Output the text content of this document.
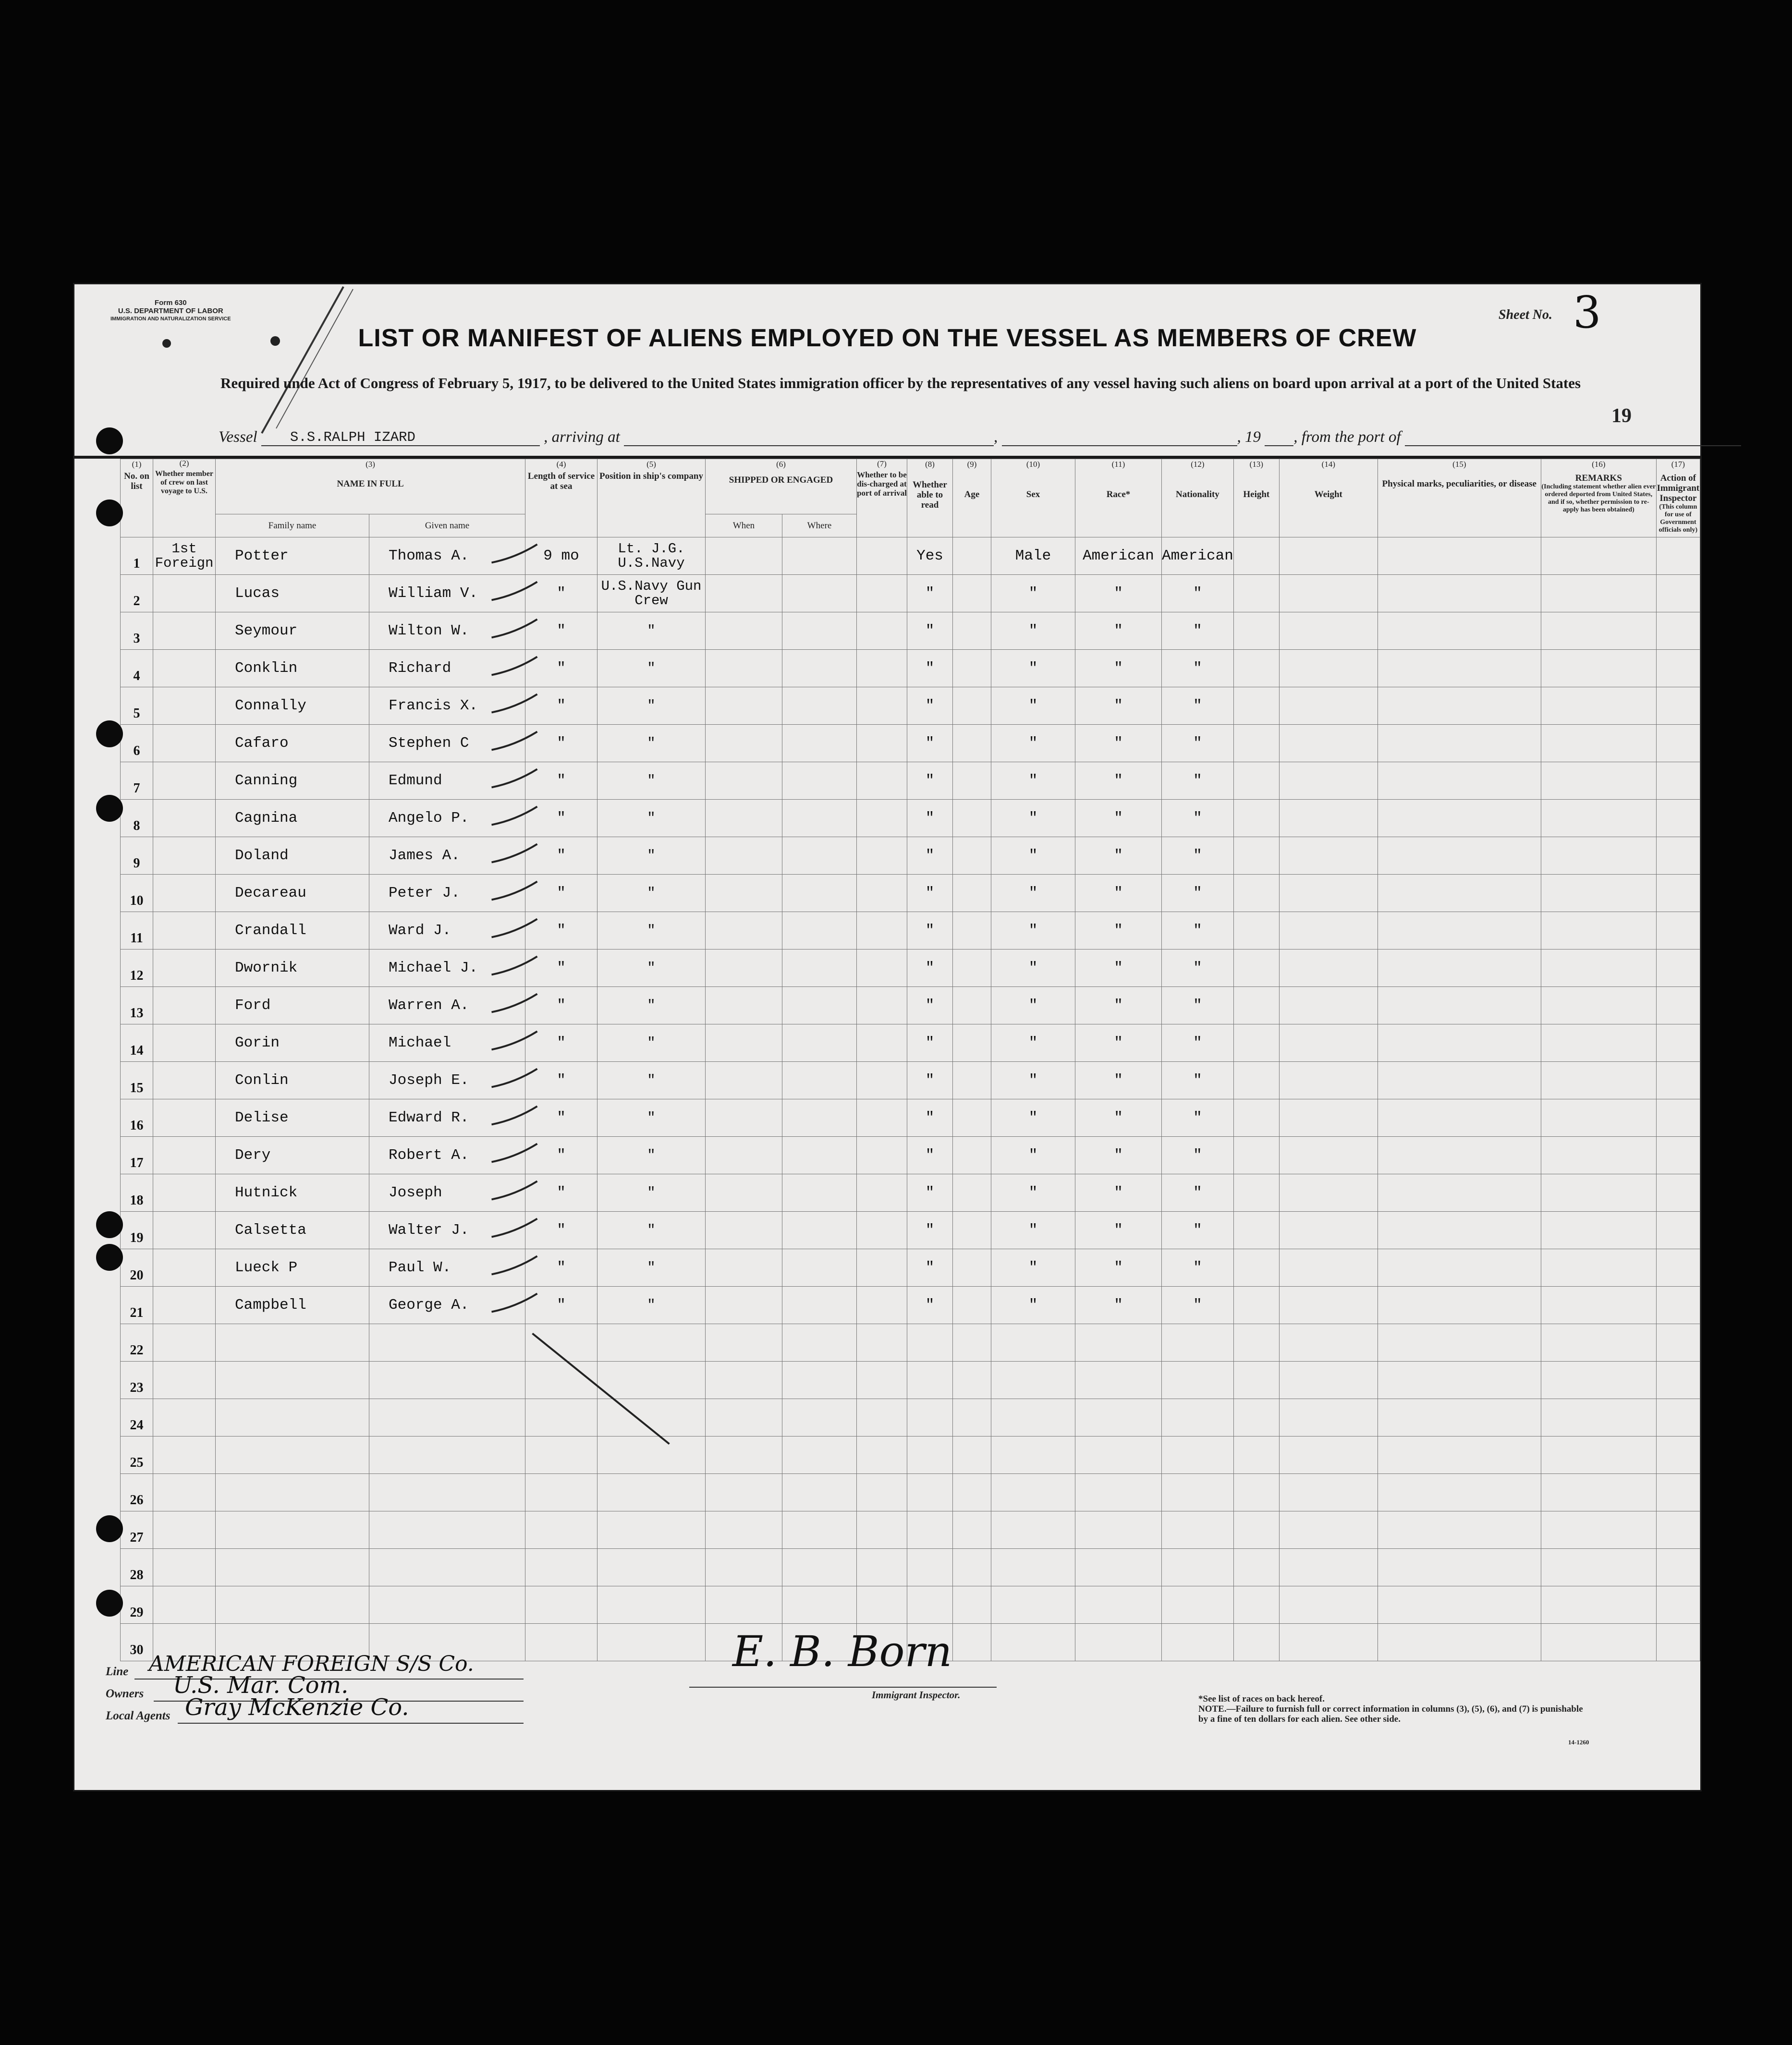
Form 630
U.S. DEPARTMENT OF LABOR
IMMIGRATION AND NATURALIZATION SERVICE	Sheet No. 3
19
LIST OR MANIFEST OF ALIENS EMPLOYED ON THE VESSEL AS MEMBERS OF CREW
Required unde Act of Congress of February 5, 1917, to be delivered to the United States immigration officer by the representatives of any vessel having such aliens on board upon arrival at a port of the United States
Vessel S.S.RALPH IZARD	, arriving at	,	, 19 , from the port of
(1)
No. on list	(2)
Whether member of crew on last voyage to U.S.	(3)
NAME IN FULL		(4)
Length of service at sea	(5)
Position in ship's company	(6)
SHIPPED OR ENGAGED		(7)
Whether to be dis-charged at port of arrival	(8)
Whether able to read	(9)
Age	(10)
Sex	(11)
Race*	(12)
Nationality	(13)
Height	(14)
Weight	(15)
Physical marks, peculiarities, or disease	(16)
REMARKS
(Including statement whether alien ever ordered deported from United States, and if so, whether permission to re-apply has been obtained)	(17)
Action of Immigrant Inspector
(This column for use of Government officials only)

		Family name	Given name			When	Where											
1	1st Foreign	Potter	Thomas A.	9 mo	Lt. J.G. U.S.Navy				Yes		Male	American	American					
2		Lucas	William V.	"	U.S.Navy Gun Crew				"		"	"	"					
3		Seymour	Wilton W.	"	"				"		"	"	"					
4		Conklin	Richard	"	"				"		"	"	"					
5		Connally	Francis X.	"	"				"		"	"	"					
6		Cafaro	Stephen C	"	"				"		"	"	"					
7		Canning	Edmund	"	"				"		"	"	"					
8		Cagnina	Angelo P.	"	"				"		"	"	"					
9		Doland	James A.	"	"				"		"	"	"					
10		Decareau	Peter J.	"	"				"		"	"	"					
11		Crandall	Ward J.	"	"				"		"	"	"					
12		Dwornik	Michael J.	"	"				"		"	"	"					
13		Ford	Warren A.	"	"				"		"	"	"					
14		Gorin	Michael	"	"				"		"	"	"					
15		Conlin	Joseph E.	"	"				"		"	"	"					
16		Delise	Edward R.	"	"				"		"	"	"					
17		Dery	Robert A.	"	"				"		"	"	"					
18		Hutnick	Joseph	"	"				"		"	"	"					
19		Calsetta	Walter J.	"	"				"		"	"	"					
20		Lueck P	Paul W.	"	"				"		"	"	"					
21		Campbell	George A.	"	"				"		"	"	"					
22																		
23																		
24																		
25																		
26																		
27																		
28																		
29																		
30																		
Line AMERICAN FOREIGN S/S Co.
Owners U.S. Mar. Com.
Local Agents Gray McKenzie Co.
E. B. Born
Immigrant Inspector.	*See list of races on back hereof.
NOTE.—Failure to furnish full or correct information in columns (3), (5), (6), and (7) is punishable by a fine of ten dollars for each alien. See other side.
14-1260
